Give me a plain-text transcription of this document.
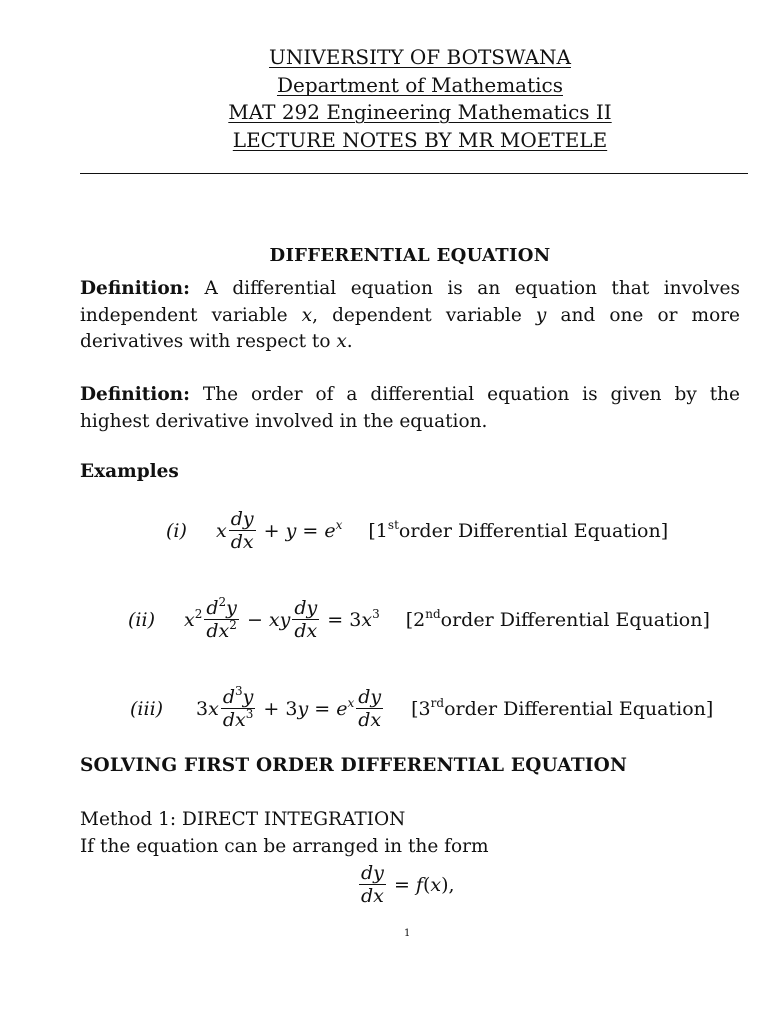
UNIVERSITY OF BOTSWANA
Department of Mathematics
MAT 292 Engineering Mathematics II
LECTURE NOTES BY MR MOETELE
DIFFERENTIAL EQUATION
Definition: A differential equation is an equation that involves independent variable x, dependent variable y and one or more derivatives with respect to x.
Definition: The order of a differential equation is given by the highest derivative involved in the equation.
Examples
(i)	x $\frac{dy}{dx} + y = e^x$ [1storder Differential Equation]
(ii)	$x^2 \frac{d^2y}{dx^2}$ − xy $\frac{dy}{dx} = 3x^3$ [2ndorder Differential Equation]
(iii)	$3x \frac{d^3y}{dx^3} + 3y = e^x \frac{dy}{dx}$ [3rdorder Differential Equation]
SOLVING FIRST ORDER DIFFERENTIAL EQUATION
Method 1: DIRECT INTEGRATION
If the equation can be arranged in the form
$\frac{dy}{dx} = f(x)$,
1
